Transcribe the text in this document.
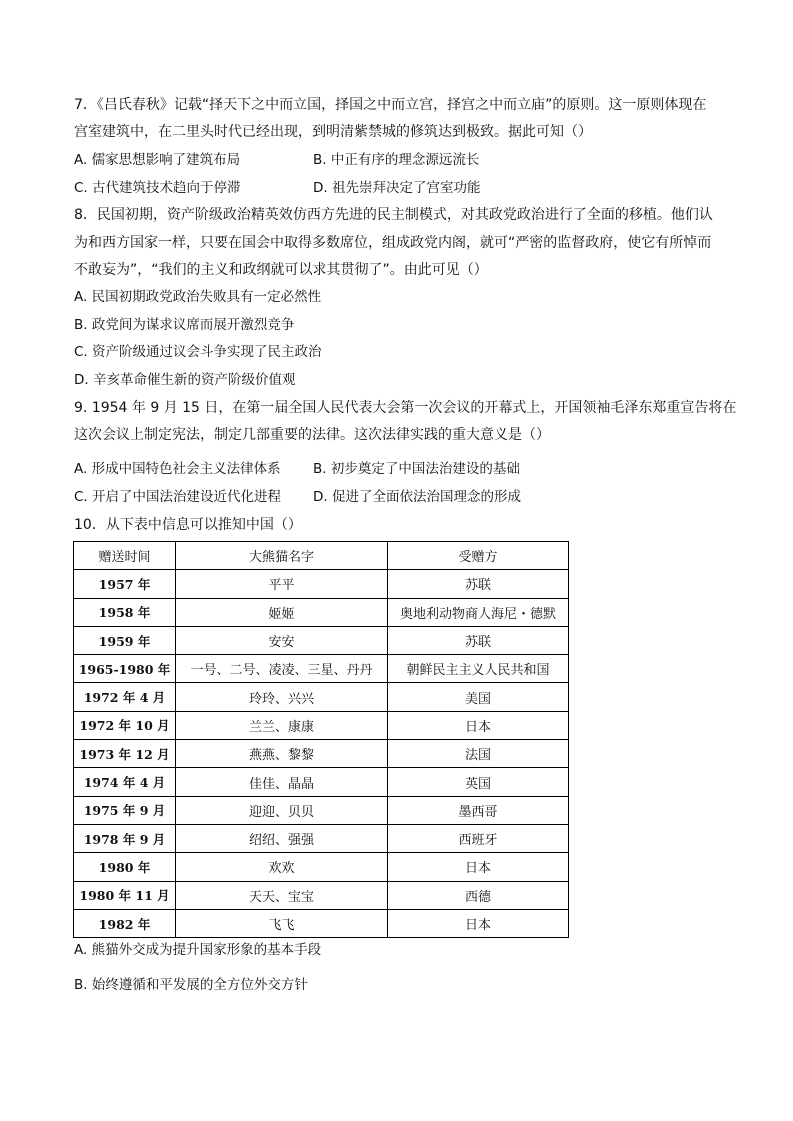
7．《吕氏春秋》记载“择天下之中而立国，择国之中而立宫，择宫之中而立庙”的原则。这一原则体现在
宫室建筑中，在二里头时代已经出现，到明清紫禁城的修筑达到极致。据此可知（）
A. 儒家思想影响了建筑布局	B. 中正有序的理念源远流长
C. 古代建筑技术趋向于停滞	D. 祖先崇拜决定了宫室功能
8．民国初期，资产阶级政治精英效仿西方先进的民主制模式，对其政党政治进行了全面的移植。他们认
为和西方国家一样，只要在国会中取得多数席位，组成政党内阁，就可“严密的监督政府，使它有所悼而
不敢妄为”，“我们的主义和政纲就可以求其贯彻了”。由此可见（）
A. 民国初期政党政治失败具有一定必然性
B. 政党间为谋求议席而展开激烈竞争
C. 资产阶级通过议会斗争实现了民主政治
D. 辛亥革命催生新的资产阶级价值观
9. 1954 年 9 月 15 日，在第一届全国人民代表大会第一次会议的开幕式上，开国领袖毛泽东郑重宣告将在
这次会议上制定宪法，制定几部重要的法律。这次法律实践的重大意义是（）
A. 形成中国特色社会主义法律体系 B. 初步奠定了中国法治建设的基础
C. 开启了中国法治建设近代化进程 D. 促进了全面依法治国理念的形成
10．从下表中信息可以推知中国（）
赠送时间	大熊猫名字	受赠方
1957 年	平平	苏联
1958 年	姬姬	奥地利动物商人海尼・德默
1959 年	安安	苏联
1965-1980 年	一号、二号、凌凌、三星、丹丹	朝鲜民主主义人民共和国
1972 年 4 月	玲玲、兴兴	美国
1972 年 10 月	兰兰、康康	日本
1973 年 12 月	燕燕、黎黎	法国
1974 年 4 月	佳佳、晶晶	英国
1975 年 9 月	迎迎、贝贝	墨西哥
1978 年 9 月	绍绍、强强	西班牙
1980 年	欢欢	日本
1980 年 11 月	天天、宝宝	西德
1982 年	飞飞	日本
A. 熊猫外交成为提升国家形象的基本手段
B. 始终遵循和平发展的全方位外交方针
